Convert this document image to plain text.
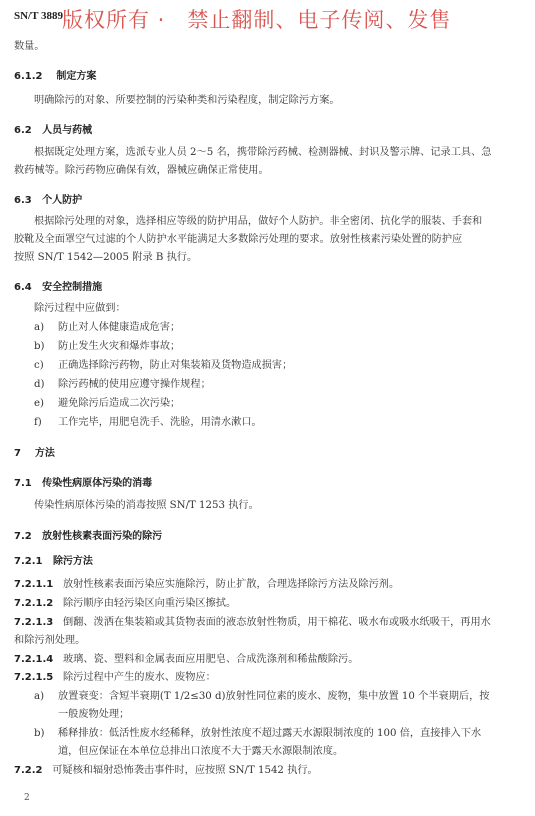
SN/T 3889
版权所有 ·　禁止翻制、电子传阅、发售
数量。
6.1.2 制定方案
明确除污的对象、所要控制的污染种类和污染程度，制定除污方案。
6.2 人员与药械
根据既定处理方案，选派专业人员 2～5 名，携带除污药械、检测器械、封识及警示牌、记录工具、急
救药械等。除污药物应确保有效，器械应确保正常使用。
6.3 个人防护
根据除污处理的对象，选择相应等级的防护用品，做好个人防护。非全密闭、抗化学的服装、手套和
胶靴及全面罩空气过滤的个人防护水平能满足大多数除污处理的要求。放射性核素污染处置的防护应
按照 SN/T 1542—2005 附录 B 执行。
6.4 安全控制措施
除污过程中应做到：
a) 防止对人体健康造成危害；
b) 防止发生火灾和爆炸事故；
c) 正确选择除污药物，防止对集装箱及货物造成损害；
d) 除污药械的使用应遵守操作规程；
e) 避免除污后造成二次污染；
f) 工作完毕，用肥皂洗手、洗脸，用清水漱口。
7 方法
7.1 传染性病原体污染的消毒
传染性病原体污染的消毒按照 SN/T 1253 执行。
7.2 放射性核素表面污染的除污
7.2.1 除污方法
7.2.1.1 放射性核素表面污染应实施除污，防止扩散，合理选择除污方法及除污剂。
7.2.1.2 除污顺序由轻污染区向重污染区擦拭。
7.2.1.3 倒翻、泼洒在集装箱或其货物表面的液态放射性物质，用干棉花、吸水布或吸水纸吸干，再用水
和除污剂处理。
7.2.1.4 玻璃、瓷、塑料和金属表面应用肥皂、合成洗涤剂和稀盐酸除污。
7.2.1.5 除污过程中产生的废水、废物应：
a) 放置衰变：含短半衰期(T 1/2≤30 d)放射性同位素的废水、废物，集中放置 10 个半衰期后，按
一般废物处理；
b) 稀释排放：低活性废水经稀释，放射性浓度不超过露天水源限制浓度的 100 倍，直接排入下水
道，但应保证在本单位总排出口浓度不大于露天水源限制浓度。
7.2.2 可疑核和辐射恐怖袭击事件时，应按照 SN/T 1542 执行。
2
